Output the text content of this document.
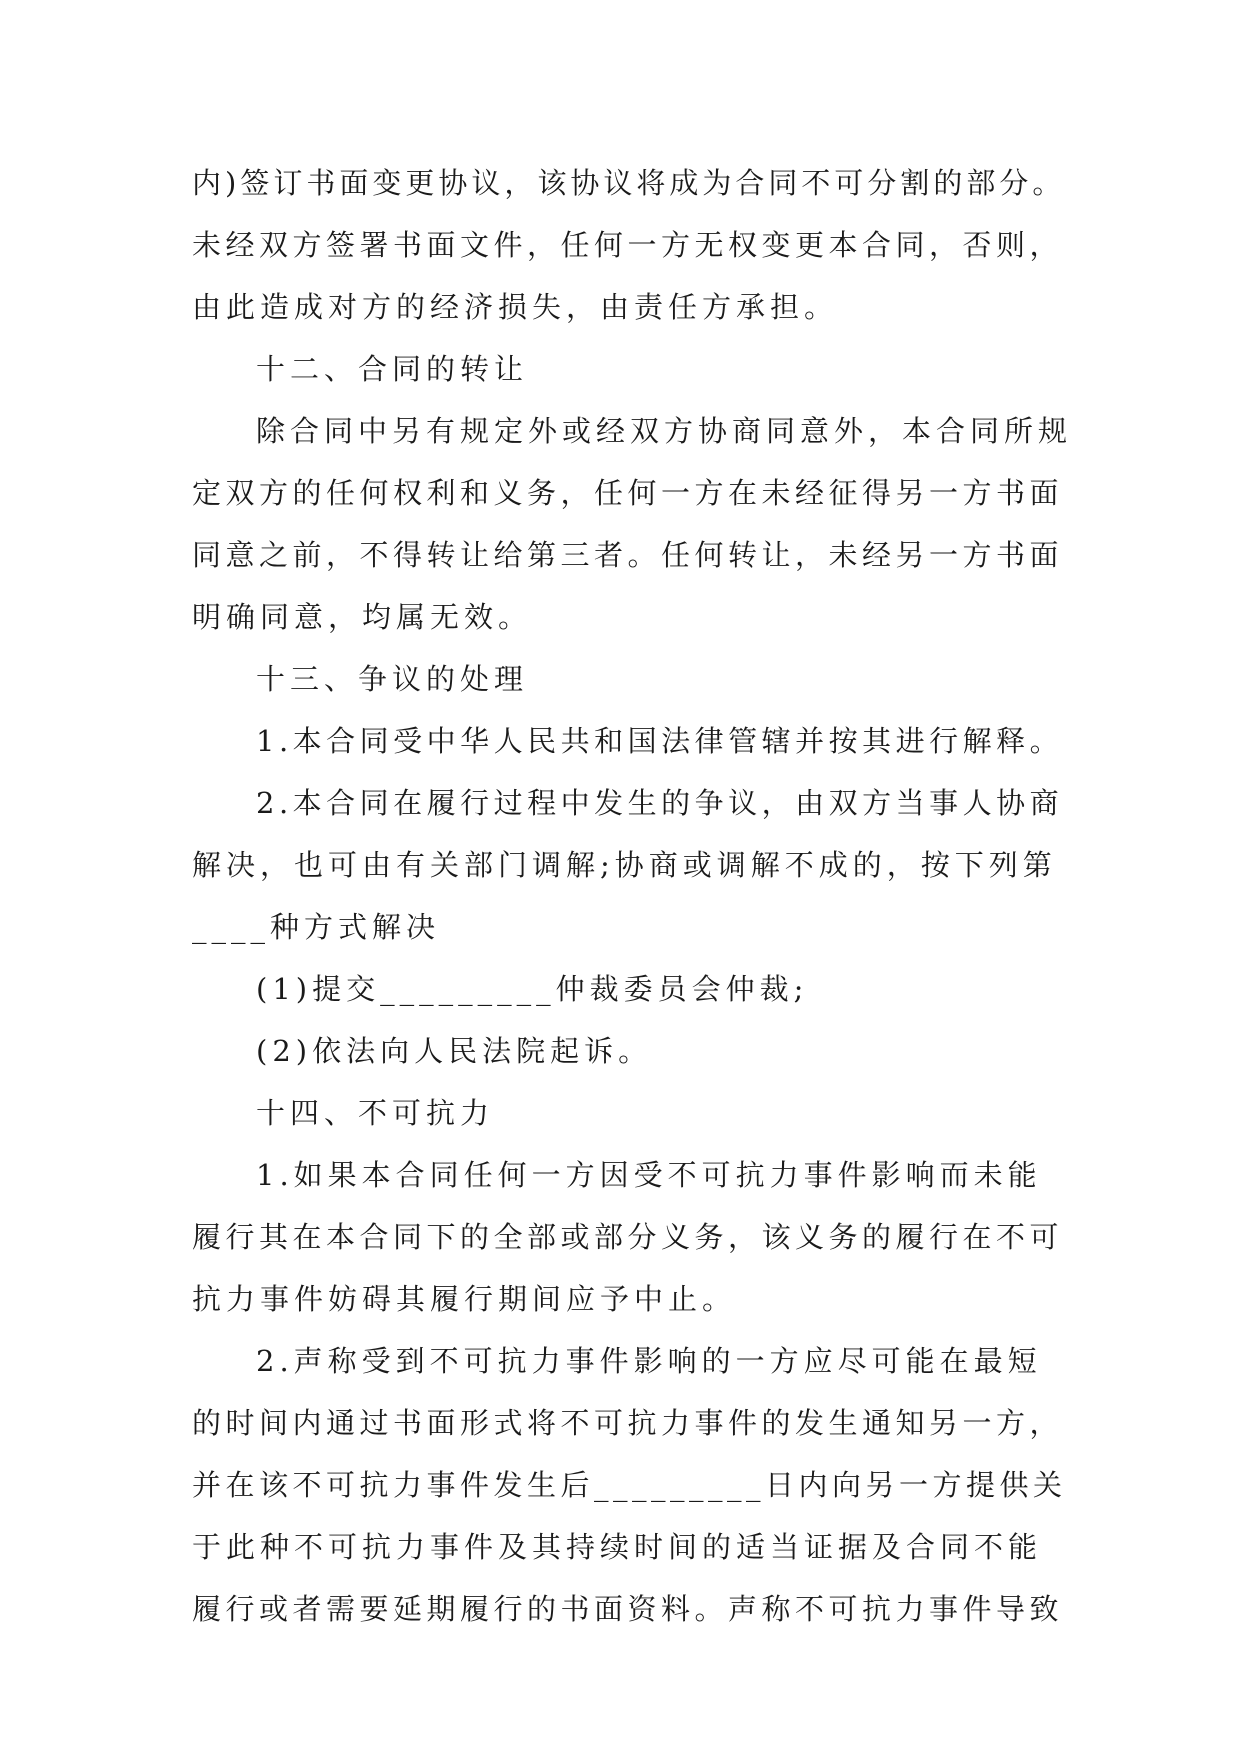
内)签订书面变更协议，该协议将成为合同不可分割的部分。
未经双方签署书面文件，任何一方无权变更本合同，否则，
由此造成对方的经济损失，由责任方承担。
十二、合同的转让
除合同中另有规定外或经双方协商同意外，本合同所规
定双方的任何权利和义务，任何一方在未经征得另一方书面
同意之前，不得转让给第三者。任何转让，未经另一方书面
明确同意，均属无效。
十三、争议的处理
1.本合同受中华人民共和国法律管辖并按其进行解释。
2.本合同在履行过程中发生的争议，由双方当事人协商
解决，也可由有关部门调解;协商或调解不成的，按下列第
____种方式解决
(1)提交_________仲裁委员会仲裁;
(2)依法向人民法院起诉。
十四、不可抗力
1.如果本合同任何一方因受不可抗力事件影响而未能
履行其在本合同下的全部或部分义务，该义务的履行在不可
抗力事件妨碍其履行期间应予中止。
2.声称受到不可抗力事件影响的一方应尽可能在最短
的时间内通过书面形式将不可抗力事件的发生通知另一方，
并在该不可抗力事件发生后_________日内向另一方提供关
于此种不可抗力事件及其持续时间的适当证据及合同不能
履行或者需要延期履行的书面资料。声称不可抗力事件导致
